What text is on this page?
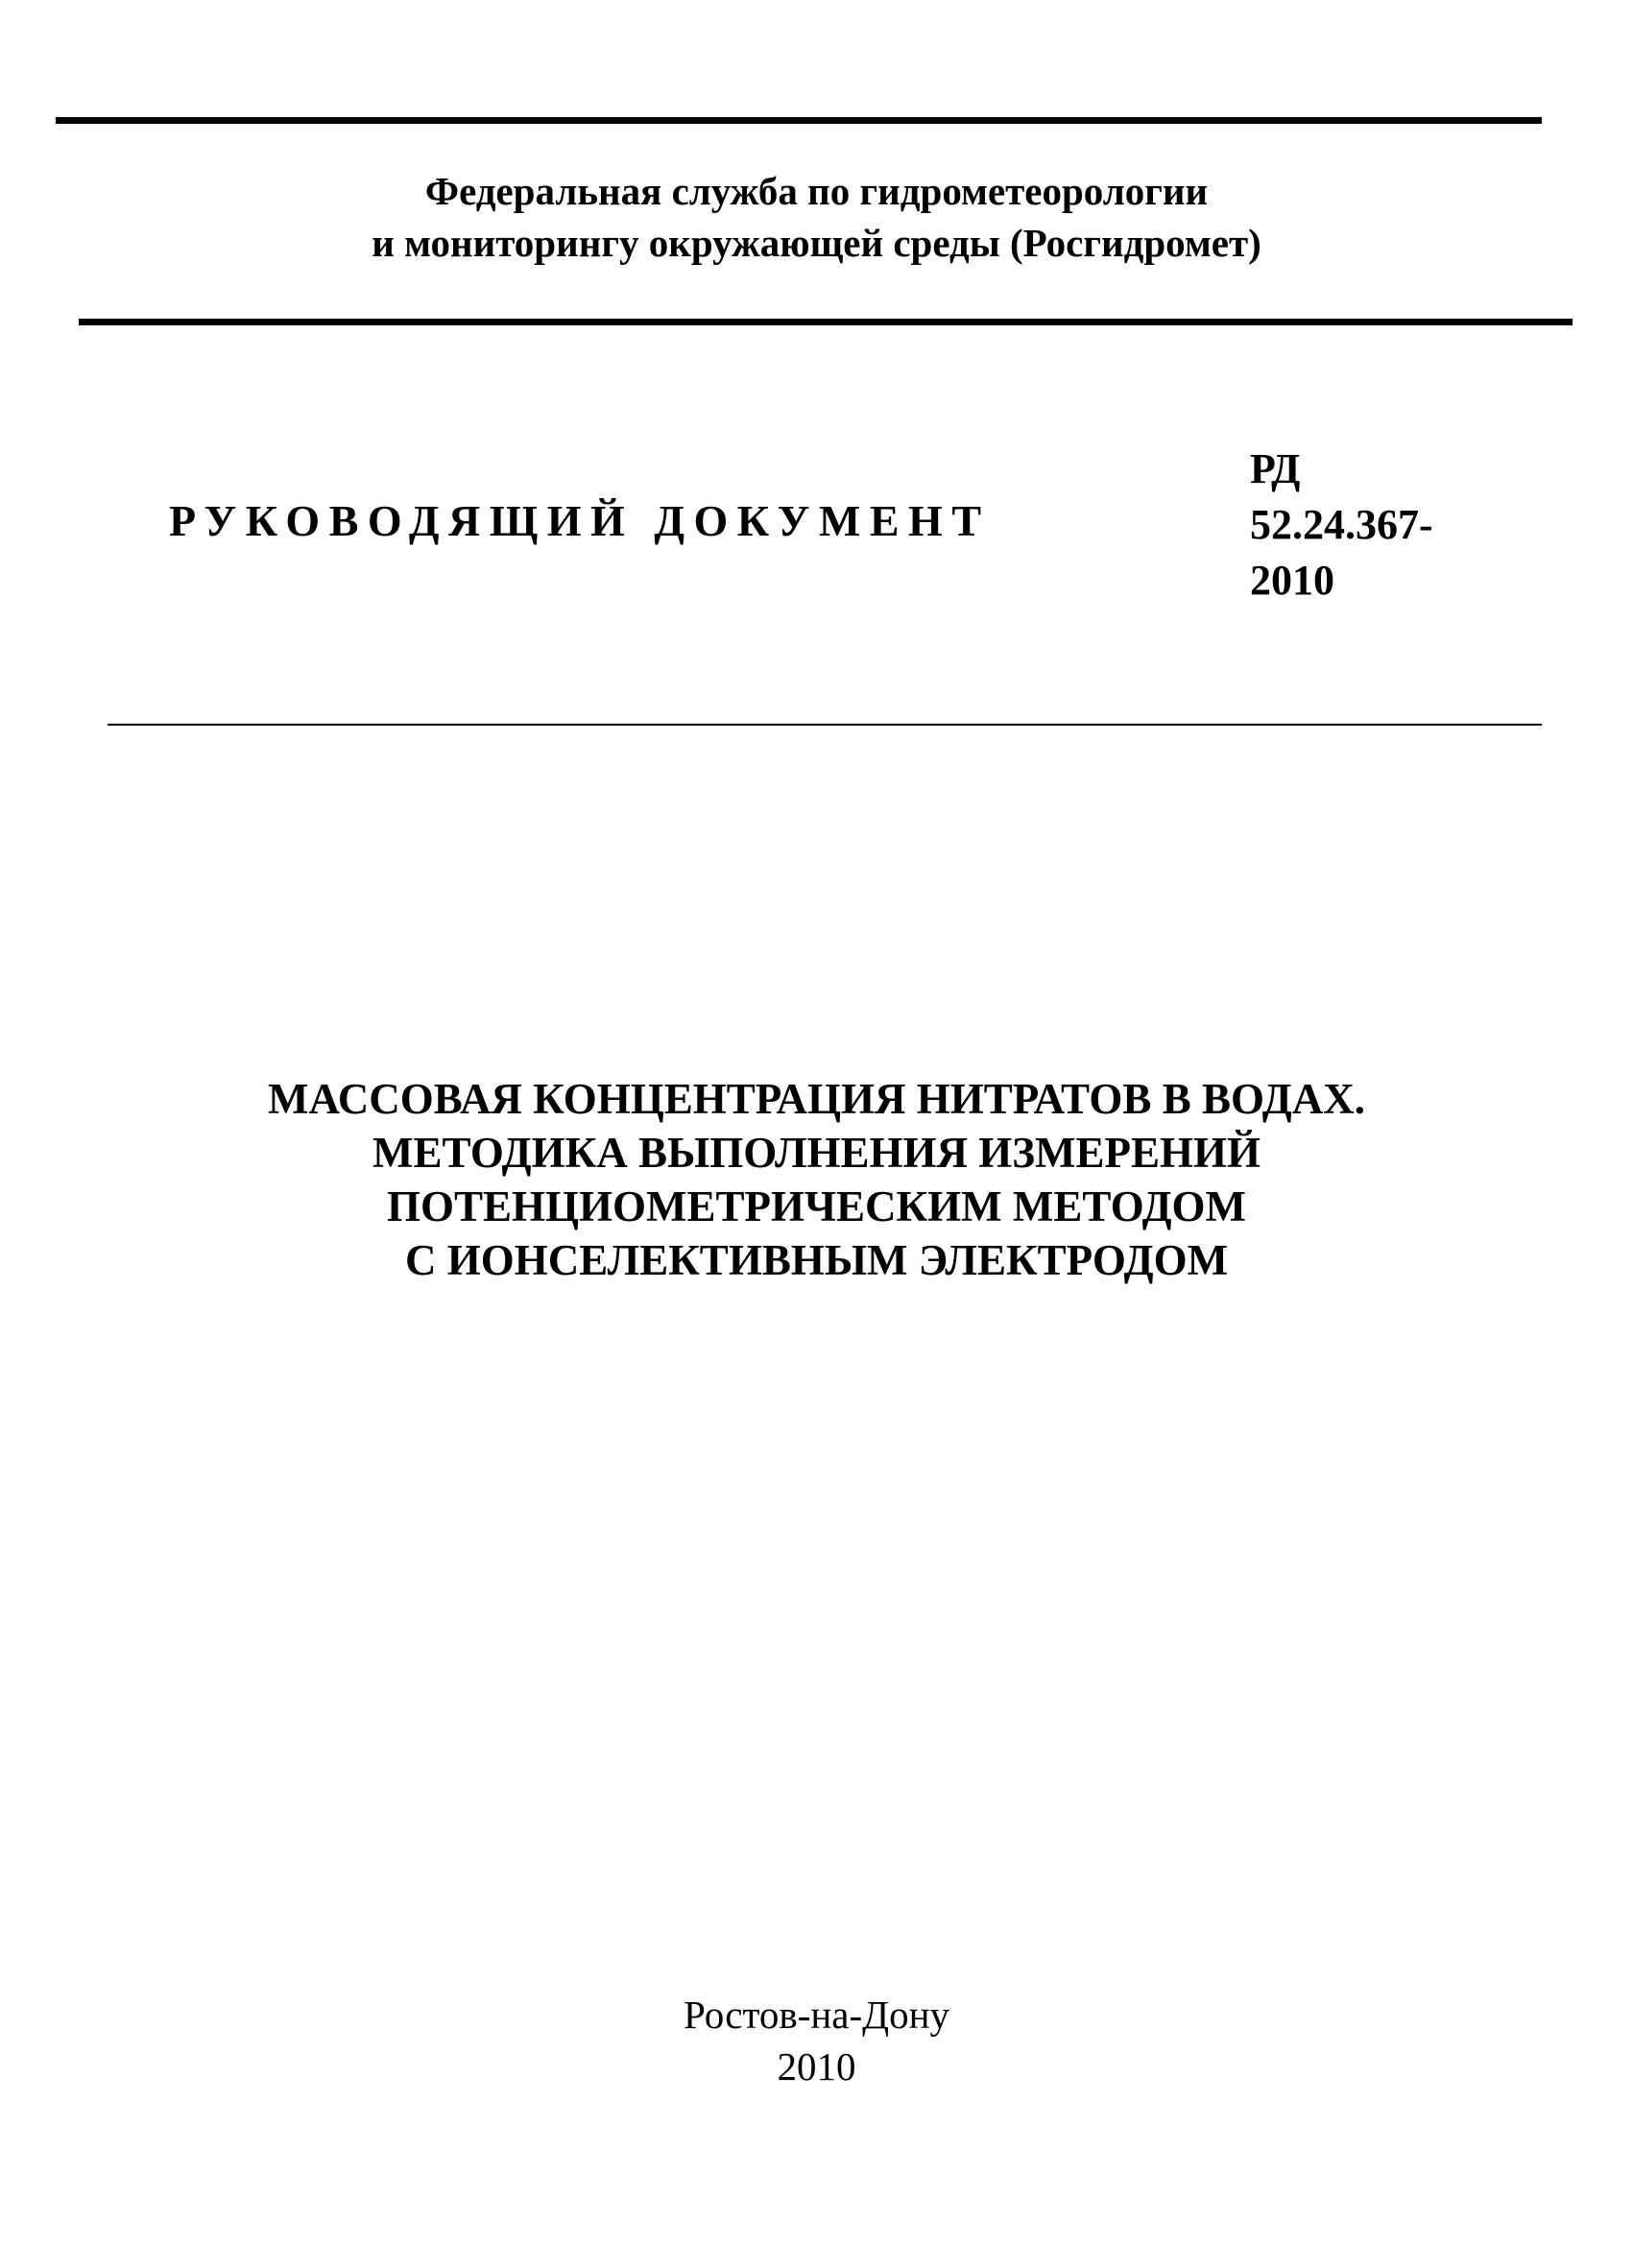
Федеральная служба по гидрометеорологии
и мониторингу окружающей среды (Росгидромет)
РУКОВОДЯЩИЙ ДОКУМЕНТ
РД
52.24.367-
2010
МАССОВАЯ КОНЦЕНТРАЦИЯ НИТРАТОВ В ВОДАХ.
МЕТОДИКА ВЫПОЛНЕНИЯ ИЗМЕРЕНИЙ
ПОТЕНЦИОМЕТРИЧЕСКИМ МЕТОДОМ
С ИОНСЕЛЕКТИВНЫМ ЭЛЕКТРОДОМ
Ростов-на-Дону
2010
